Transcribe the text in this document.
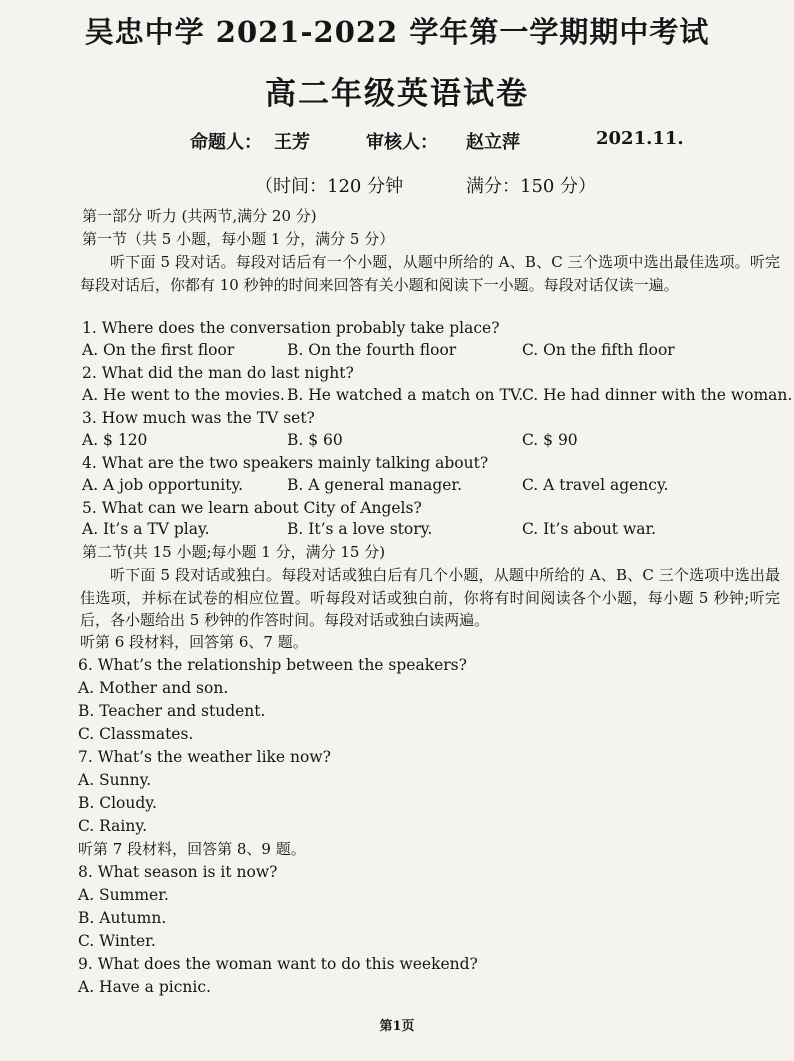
吴忠中学 2021-2022 学年第一学期期中考试
高二年级英语试卷
命题人： 王芳	审核人： 赵立萍	2021.11.
（时间：120 分钟	满分：150 分）
第一部分 听力 (共两节,满分 20 分)
第一节（共 5 小题，每小题 1 分，满分 5 分）
听下面 5 段对话。每段对话后有一个小题，从题中所给的 A、B、C 三个选项中选出最佳选项。听完每段对话后，你都有 10 秒钟的时间来回答有关小题和阅读下一小题。每段对话仅读一遍。
1. Where does the conversation probably take place?
A. On the first floor	B. On the fourth floor	C. On the fifth floor
2. What did the man do last night?
A. He went to the movies. B. He watched a match on TV.
C. He had dinner with the woman.
3. How much was the TV set?
A. $ 120	B. $ 60	C. $ 90
4. What are the two speakers mainly talking about?
A. A job opportunity.	B. A general manager.	C. A travel agency.
5. What can we learn about City of Angels?
A. It’s a TV play.	B. It’s a love story.	C. It’s about war.
第二节(共 15 小题;每小题 1 分，满分 15 分)
听下面 5 段对话或独白。每段对话或独白后有几个小题，从题中所给的 A、B、C 三个选项中选出最佳选项，并标在试卷的相应位置。听每段对话或独白前，你将有时间阅读各个小题，每小题 5 秒钟;听完后，各小题给出 5 秒钟的作答时间。每段对话或独白读两遍。
听第 6 段材料，回答第 6、7 题。
6. What’s the relationship between the speakers?
A. Mother and son.
B. Teacher and student.
C. Classmates.
7. What’s the weather like now?
A. Sunny.
B. Cloudy.
C. Rainy.
听第 7 段材料，回答第 8、9 题。
8. What season is it now?
A. Summer.
B. Autumn.
C. Winter.
9. What does the woman want to do this weekend?
A. Have a picnic.
第1页
